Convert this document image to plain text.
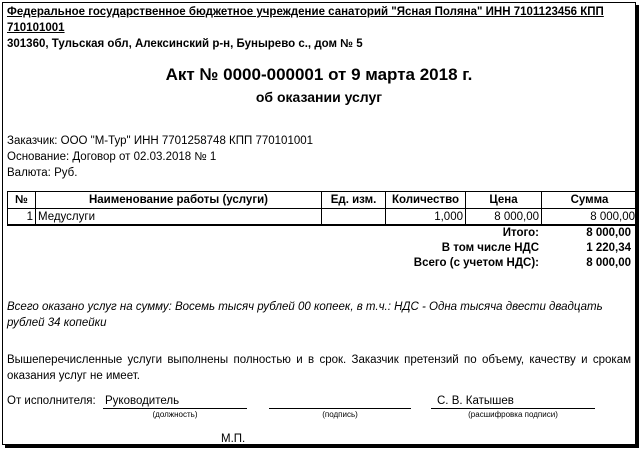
Федеральное государственное бюджетное учреждение санаторий "Ясная Поляна" ИНН 7101123456 КПП
710101001
301360, Тульская обл, Алексинский р-н, Бунырево с., дом № 5
Акт № 0000-000001 от 9 марта 2018 г.
об оказании услуг
Заказчик: ООО "М-Тур" ИНН 7701258748 КПП 770101001
Основание: Договор от 02.03.2018 № 1
Валюта: Руб.
№	Наименование работы (услуги)	Ед. изм.	Количество	Цена	Сумма
1	Медуслуги		1,000	8 000,00	8 000,00
Итого:	8 000,00
В том числе НДС	1 220,34
Всего (с учетом НДС):	8 000,00
Всего оказано услуг на сумму: Восемь тысяч рублей 00 копеек, в т.ч.: НДС - Одна тысяча двести двадцать рублей 34 копейки
Вышеперечисленные услуги выполнены полностью и в срок. Заказчик претензий по объему, качеству и срокам оказания услуг не имеет.
От исполнителя: Руководитель
(должность)	(подпись)
С. В. Катышев
(расшифровка подписи)
М.П.
